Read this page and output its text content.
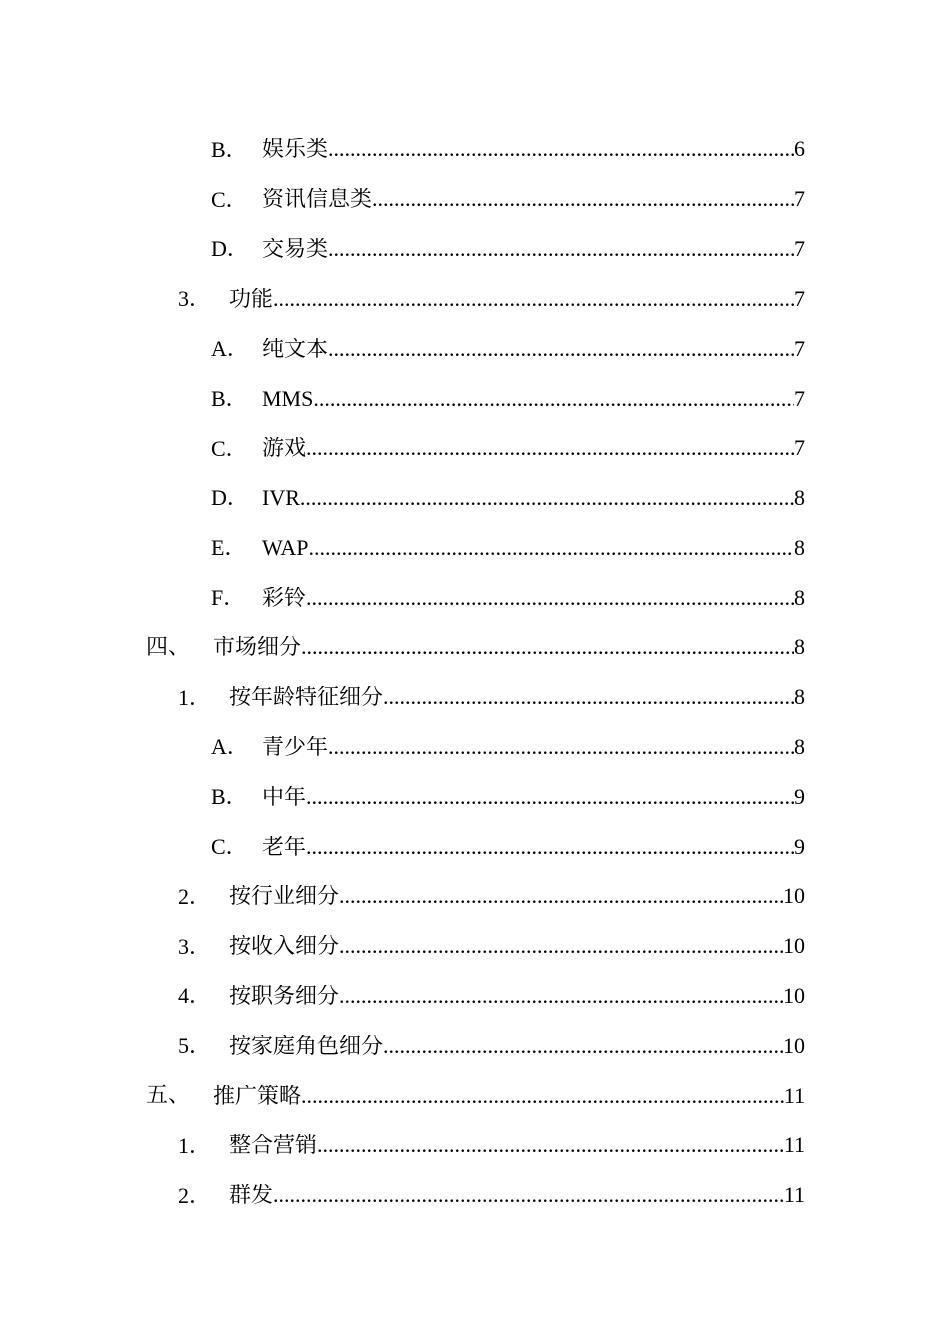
B． 娱乐类 .....	6
C． 资讯信息类 .....	7
D． 交易类 .....	7
3． 功能 .....	7
A． 纯文本 .....	7
B． MMS .....	7
C． 游戏 .....	7
D． IVR .....	8
E． WAP .....	8
F． 彩铃 .....	8
四、 市场细分 .....	8
1． 按年龄特征细分 .....	8
A． 青少年 .....	8
B． 中年 .....	9
C． 老年 .....	9
2． 按行业细分 .....	10
3． 按收入细分 .....	10
4． 按职务细分 .....	10
5． 按家庭角色细分 .....	10
五、 推广策略 .....	11
1． 整合营销 .....	11
2． 群发 .....	11
